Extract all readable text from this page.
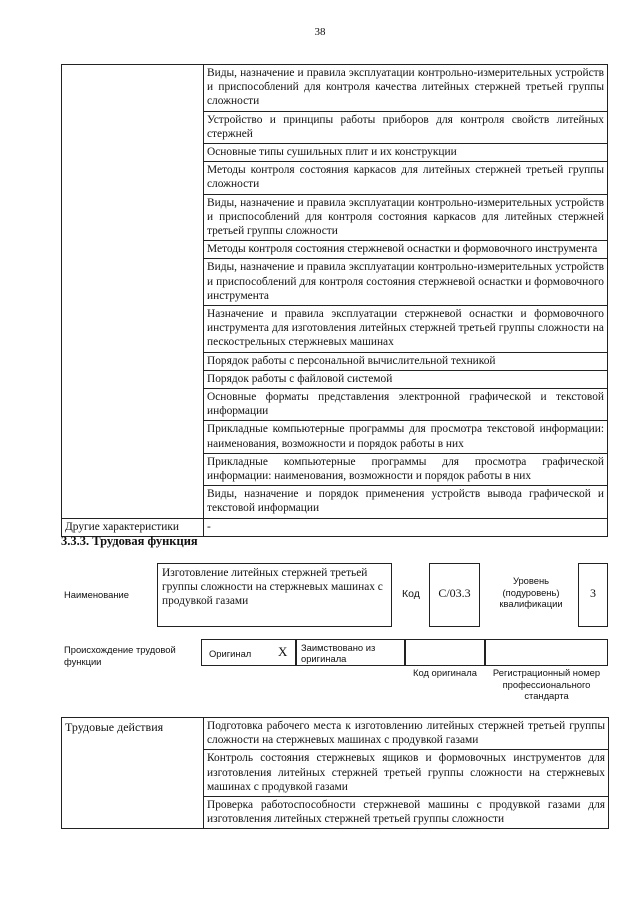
38
	Виды, назначение и правила эксплуатации контрольно-измерительных устройств и приспособлений для контроля качества литейных стержней третьей группы сложности
	Устройство и принципы работы приборов для контроля свойств литейных стержней
	Основные типы сушильных плит и их конструкции
	Методы контроля состояния каркасов для литейных стержней третьей группы сложности
	Виды, назначение и правила эксплуатации контрольно-измерительных устройств и приспособлений для контроля состояния каркасов для литейных стержней третьей группы сложности
	Методы контроля состояния стержневой оснастки и формовочного инструмента
	Виды, назначение и правила эксплуатации контрольно-измерительных устройств и приспособлений для контроля состояния стержневой оснастки и формовочного инструмента
	Назначение и правила эксплуатации стержневой оснастки и формовочного инструмента для изготовления литейных стержней третьей группы сложности на пескострельных стержневых машинах
	Порядок работы с персональной вычислительной техникой
	Порядок работы с файловой системой
	Основные форматы представления электронной графической и текстовой информации
	Прикладные компьютерные программы для просмотра текстовой информации: наименования, возможности и порядок работы в них
	Прикладные компьютерные программы для просмотра графической информации: наименования, возможности и порядок работы в них
	Виды, назначение и порядок применения устройств вывода графической и текстовой информации
Другие характеристики	-
3.3.3. Трудовая функция
Наименование
Изготовление литейных стержней третьей группы сложности на стержневых машинах с продувкой газами
Код	C/03.3
Уровень (подуровень) квалификации
3
Происхождение трудовой функции
Оригинал X Заимствовано из оригинала
Код оригинала	Регистрационный номер профессионального стандарта
Трудовые действия	Подготовка рабочего места к изготовлению литейных стержней третьей группы сложности на стержневых машинах с продувкой газами
Контроль состояния стержневых ящиков и формовочных инструментов для изготовления литейных стержней третьей группы сложности на стержневых машинах с продувкой газами
Проверка работоспособности стержневой машины с продувкой газами для изготовления литейных стержней третьей группы сложности
